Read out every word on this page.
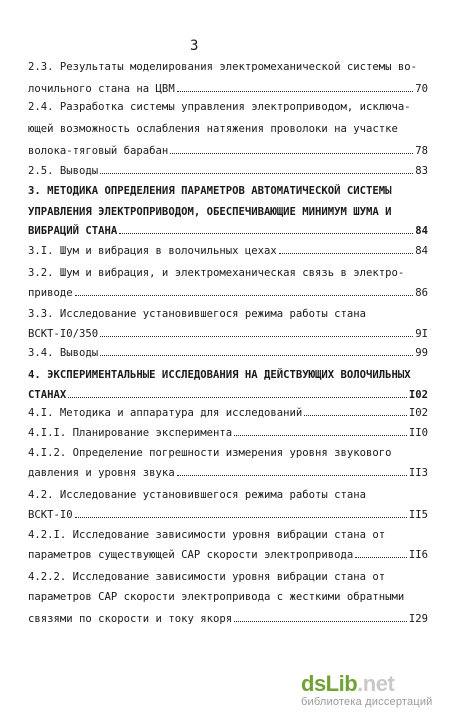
3
2.3. Результаты моделирования электромеханической системы во-
лочильного стана на ЦВМ	70
2.4. Разработка системы управления электроприводом, исключа-
ющей возможность ослабления натяжения проволоки на участке
волока-тяговый барабан	78
2.5. Выводы	83
3. МЕТОДИКА ОПРЕДЕЛЕНИЯ ПАРАМЕТРОВ АВТОМАТИЧЕСКОЙ СИСТЕМЫ
УПРАВЛЕНИЯ ЭЛЕКТРОПРИВОДОМ, ОБЕСПЕЧИВАЮЩИЕ МИНИМУМ ШУМА И
ВИБРАЦИЙ СТАНА	84
3.I. Шум и вибрация в волочильных цехах	84
3.2. Шум и вибрация, и электромеханическая связь в электро-
приводе	86
3.3. Исследование установившегося режима работы стана
ВСКТ-I0/350	9I
3.4. Выводы	99
4. ЭКСПЕРИМЕНТАЛЬНЫЕ ИССЛЕДОВАНИЯ НА ДЕЙСТВУЮЩИХ ВОЛОЧИЛЬНЫХ
СТАНАХ	I02
4.I. Методика и аппаратура для исследований	I02
4.I.I. Планирование эксперимента	II0
4.I.2. Определение погрешности измерения уровня звукового
давления и уровня звука	II3
4.2. Исследование установившегося режима работы стана
ВСКТ-I0	II5
4.2.I. Исследование зависимости уровня вибрации стана от
параметров существующей САР скорости электропривода	II6
4.2.2. Исследование зависимости уровня вибрации стана от
параметров САР скорости электропривода с жесткими обратными
связями по скорости и току якоря	I29
dsLib.net
библиотека диссертаций
